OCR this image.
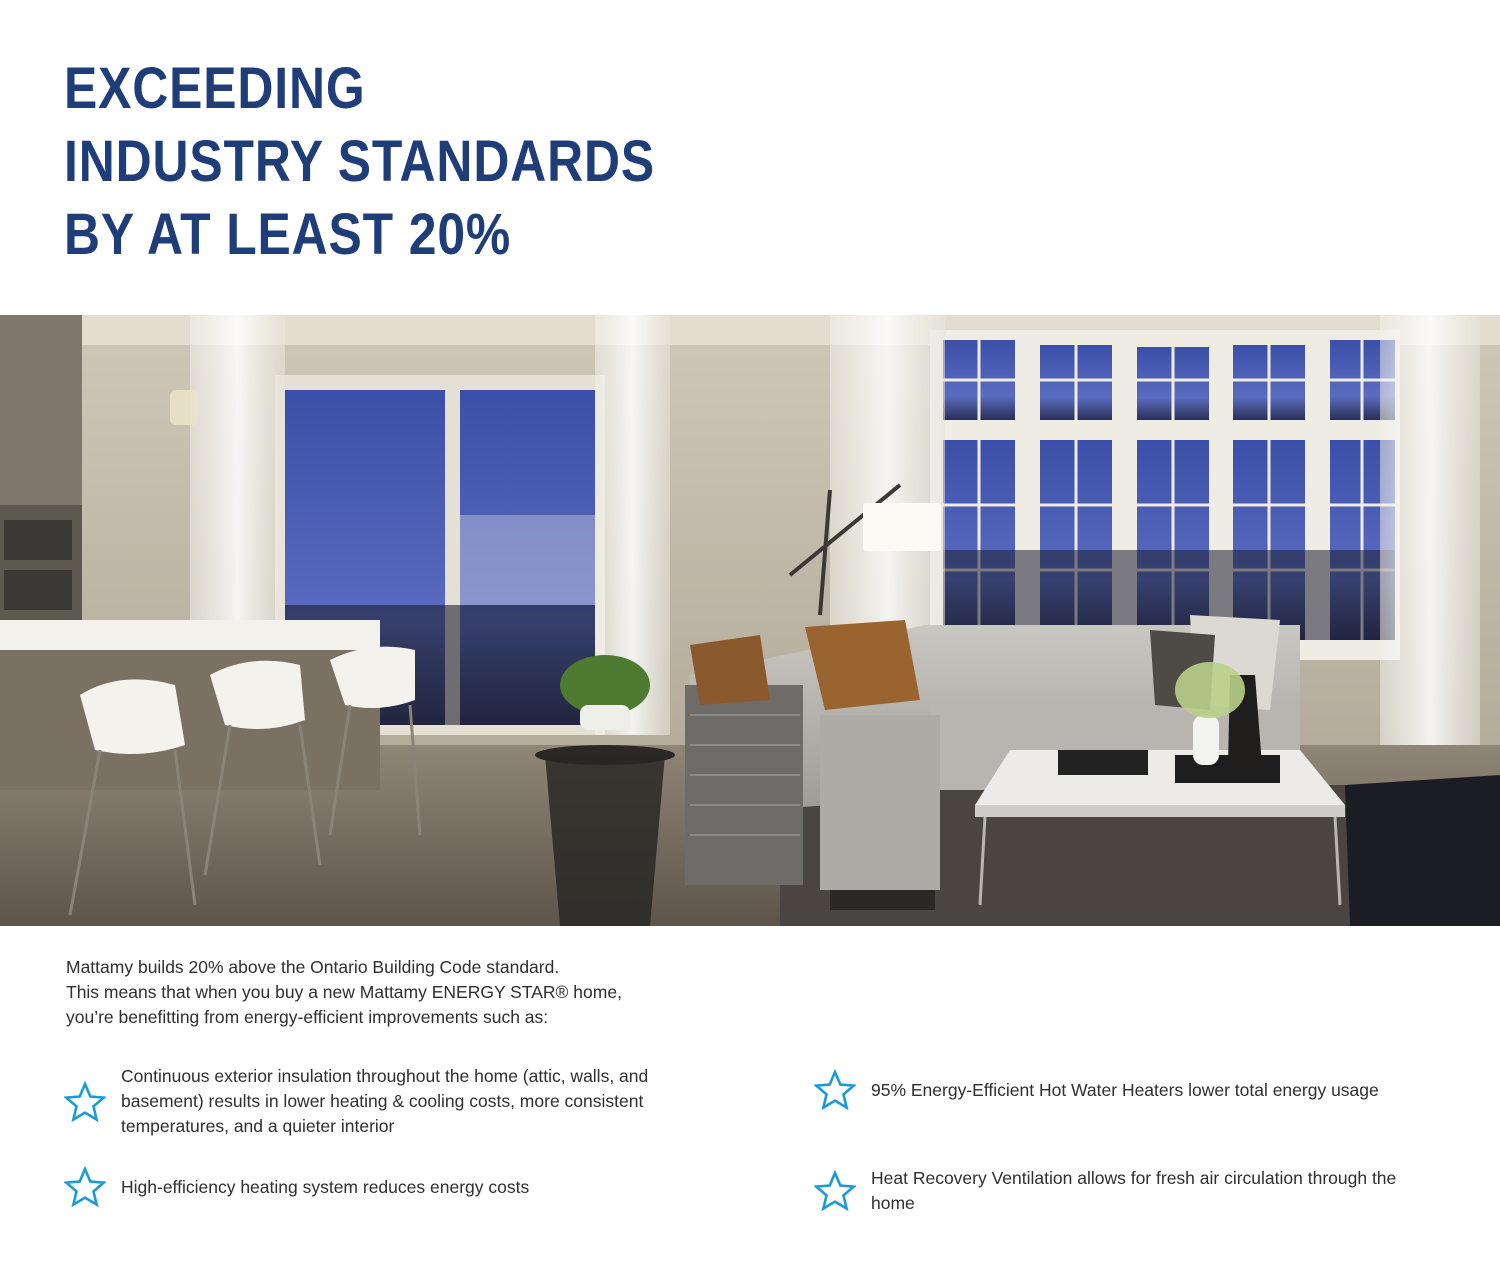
EXCEEDING
INDUSTRY STANDARDS
BY AT LEAST 20%
Mattamy builds 20% above the Ontario Building Code standard.
This means that when you buy a new Mattamy ENERGY STAR® home,
you’re benefitting from energy-efficient improvements such as:
Continuous exterior insulation throughout the home (attic, walls, and basement) results in lower heating & cooling costs, more consistent temperatures, and a quieter interior
High-efficiency heating system reduces energy costs
95% Energy-Efficient Hot Water Heaters lower total energy usage
Heat Recovery Ventilation allows for fresh air circulation through the home
